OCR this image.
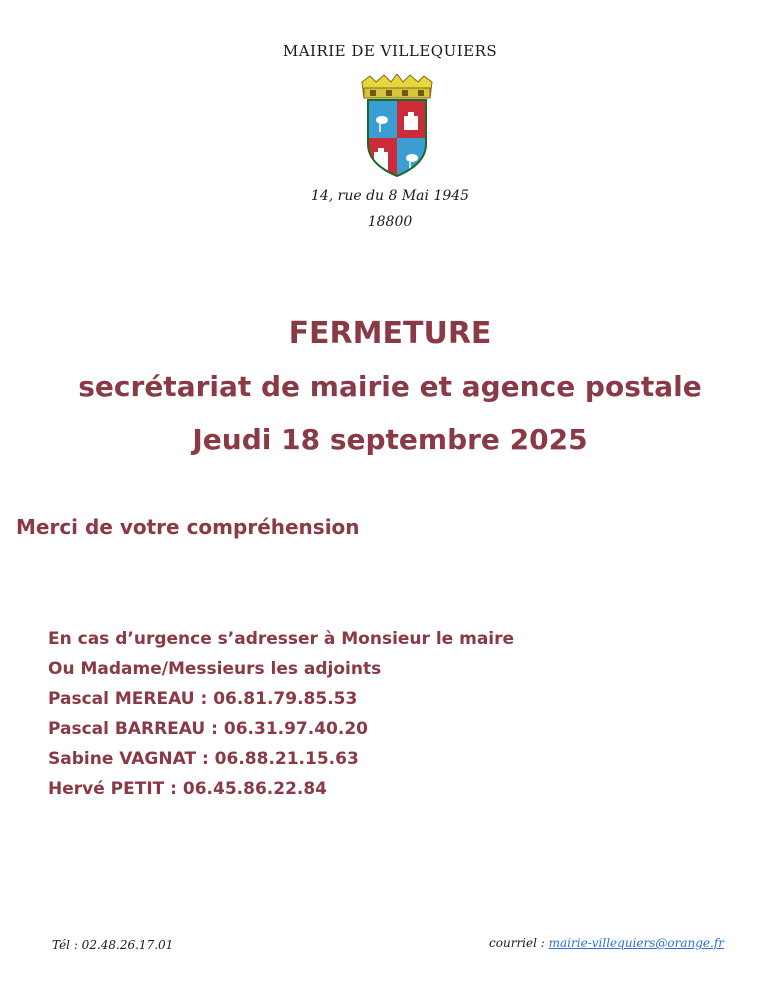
MAIRIE DE VILLEQUIERS
14, rue du 8 Mai 1945
18800
FERMETURE
secrétariat de mairie et agence postale
Jeudi 18 septembre 2025
Merci de votre compréhension
En cas d’urgence s’adresser à Monsieur le maire
Ou Madame/Messieurs les adjoints
Pascal MEREAU : 06.81.79.85.53
Pascal BARREAU : 06.31.97.40.20
Sabine VAGNAT : 06.88.21.15.63
Hervé PETIT : 06.45.86.22.84
Tél : 02.48.26.17.01	courriel : mairie-villequiers@orange.fr
